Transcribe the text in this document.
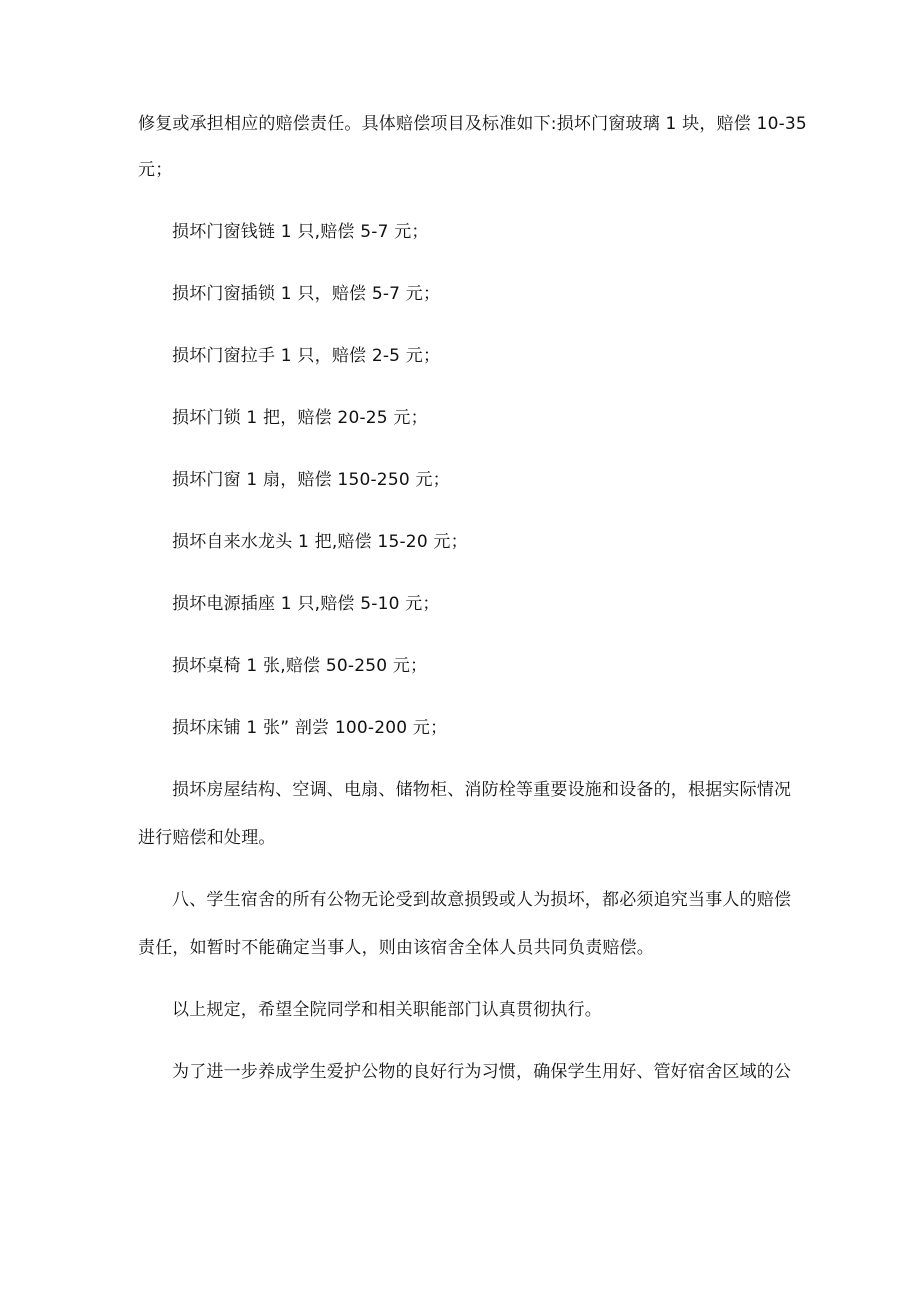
修复或承担相应的赔偿责任。具体赔偿项目及标准如下:损坏门窗玻璃 1 块，赔偿 10-35
元；
损坏门窗钱链 1 只,赔偿 5-7 元；
损坏门窗插锁 1 只，赔偿 5-7 元；
损坏门窗拉手 1 只，赔偿 2-5 元；
损坏门锁 1 把，赔偿 20-25 元；
损坏门窗 1 扇，赔偿 150-250 元；
损坏自来水龙头 1 把,赔偿 15-20 元；
损坏电源插座 1 只,赔偿 5-10 元；
损坏桌椅 1 张,赔偿 50-250 元；
损坏床铺 1 张” 剖尝 100-200 元；
损坏房屋结构、空调、电扇、储物柜、消防栓等重要设施和设备的，根据实际情况
进行赔偿和处理。
八、学生宿舍的所有公物无论受到故意损毁或人为损坏，都必须追究当事人的赔偿
责任，如暂时不能确定当事人，则由该宿舍全体人员共同负责赔偿。
以上规定，希望全院同学和相关职能部门认真贯彻执行。
为了进一步养成学生爱护公物的良好行为习惯，确保学生用好、管好宿舍区域的公
